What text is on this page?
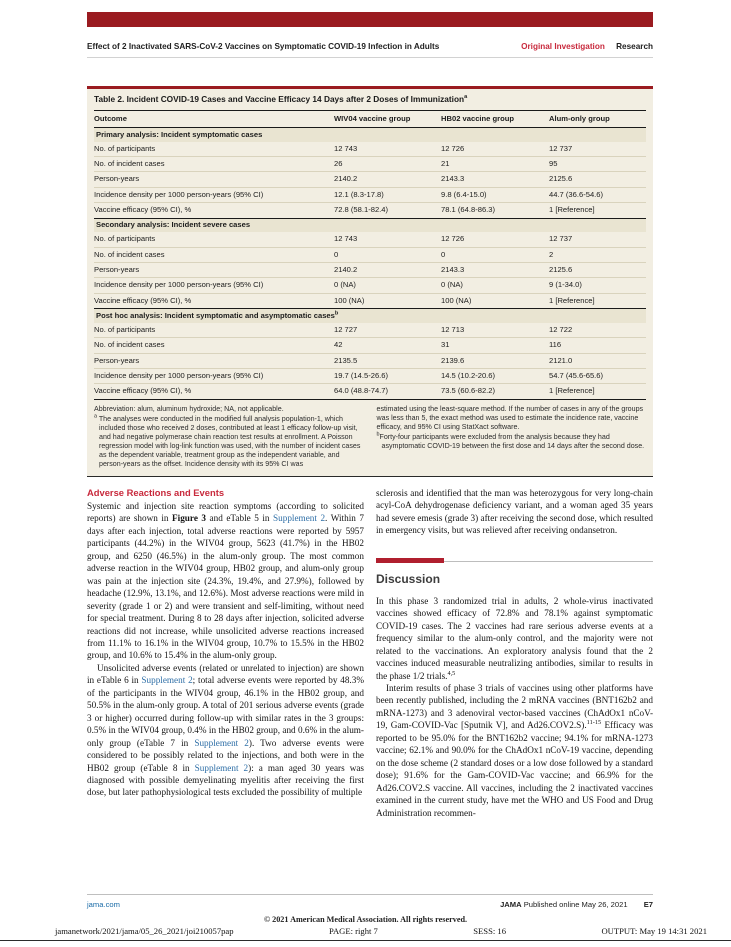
Effect of 2 Inactivated SARS-CoV-2 Vaccines on Symptomatic COVID-19 Infection in Adults	Original Investigation Research
Table 2. Incident COVID-19 Cases and Vaccine Efficacy 14 Days after 2 Doses of Immunization$^a$
Outcome	WIV04 vaccine group	HB02 vaccine group	Alum-only group
Primary analysis: Incident symptomatic cases			
No. of participants	12 743	12 726	12 737
No. of incident cases	26	21	95
Person-years	2140.2	2143.3	2125.6
Incidence density per 1000 person-years (95% CI)	12.1 (8.3-17.8)	9.8 (6.4-15.0)	44.7 (36.6-54.6)
Vaccine efficacy (95% CI), %	72.8 (58.1-82.4)	78.1 (64.8-86.3)	1 [Reference]
Secondary analysis: Incident severe cases			
No. of participants	12 743	12 726	12 737
No. of incident cases	0	0	2
Person-years	2140.2	2143.3	2125.6
Incidence density per 1000 person-years (95% CI)	0 (NA)	0 (NA)	9 (1-34.0)
Vaccine efficacy (95% CI), %	100 (NA)	100 (NA)	1 [Reference]
Post hoc analysis: Incident symptomatic and asymptomatic cases$^b$
No. of participants	12 727	12 713	12 722
No. of incident cases	42	31	116
Person-years	2135.5	2139.6	2121.0
Incidence density per 1000 person-years (95% CI)	19.7 (14.5-26.6)	14.5 (10.2-20.6)	54.7 (45.6-65.6)
Vaccine efficacy (95% CI), %	64.0 (48.8-74.7)	73.5 (60.6-82.2)	1 [Reference]

Abbreviation: alum, aluminum hydroxide; NA, not applicable.

$^a$ The analyses were conducted in the modified full analysis population-1, which included those who received 2 doses, contributed at least 1 efficacy follow-up visit, and had negative polymerase chain reaction test results at enrollment. A Poisson regression model with log-link function was used, with the number of incident cases as the dependent variable, treatment group as the independent variable, and person-years as the offset. Incidence density with its 95% CI was

estimated using the least-square method. If the number of cases in any of the groups was less than 5, the exact method was used to estimate the incidence rate, vaccine efficacy, and 95% CI using StatXact software.

$^b$Forty-four participants were excluded from the analysis because they had asymptomatic COVID-19 between the first dose and 14 days after the second dose.

Adverse Reactions and Events

Systemic and injection site reaction symptoms (according to solicited reports) are shown in Figure 3 and eTable 5 in Supplement 2. Within 7 days after each injection, total adverse reactions were reported by 5957 participants (44.2%) in the WIV04 group, 5623 (41.7%) in the HB02 group, and 6250 (46.5%) in the alum-only group. The most common adverse reaction in the WIV04 group, HB02 group, and alum-only group was pain at the injection site (24.3%, 19.4%, and 27.9%), followed by headache (12.9%, 13.1%, and 12.6%). Most adverse reactions were mild in severity (grade 1 or 2) and were transient and self-limiting, without need for special treatment. During 8 to 28 days after injection, solicited adverse reactions did not increase, while unsolicited adverse reactions increased from 11.1% to 16.1% in the WIV04 group, 10.7% to 15.5% in the HB02 group, and 10.6% to 15.4% in the alum-only group.

Unsolicited adverse events (related or unrelated to injection) are shown in eTable 6 in Supplement 2; total adverse events were reported by 48.3% of the participants in the WIV04 group, 46.1% in the HB02 group, and 50.5% in the alum-only group. A total of 201 serious adverse events (grade 3 or higher) occurred during follow-up with similar rates in the 3 groups: 0.5% in the WIV04 group, 0.4% in the HB02 group, and 0.6% in the alum-only group (eTable 7 in Supplement 2). Two adverse events were considered to be possibly related to the injections, and both were in the HB02 group (eTable 8 in Supplement 2): a man aged 30 years was diagnosed with possible demyelinating myelitis after receiving the first dose, but later pathophysiological tests excluded the possibility of multiple

sclerosis and identified that the man was heterozygous for very long-chain acyl-CoA dehydrogenase deficiency variant, and a woman aged 35 years had severe emesis (grade 3) after receiving the second dose, which resulted in emergency visits, but was relieved after receiving ondansetron.

Discussion

In this phase 3 randomized trial in adults, 2 whole-virus inactivated vaccines showed efficacy of 72.8% and 78.1% against symptomatic COVID-19 cases. The 2 vaccines had rare serious adverse events at a frequency similar to the alum-only control, and the majority were not related to the vaccinations. An exploratory analysis found that the 2 vaccines induced measurable neutralizing antibodies, similar to results in the phase 1/2 trials.$^{4,5}$

Interim results of phase 3 trials of vaccines using other platforms have been recently published, including the 2 mRNA vaccines (BNT162b2 and mRNA-1273) and 3 adenoviral vector-based vaccines (ChAdOx1 nCoV-19, Gam-COVID-Vac [Sputnik V], and Ad26.COV2.S).$^{11-15}$ Efficacy was reported to be 95.0% for the BNT162b2 vaccine; 94.1% for mRNA-1273 vaccine; 62.1% and 90.0% for the ChAdOx1 nCoV-19 vaccine, depending on the dose scheme (2 standard doses or a low dose followed by a standard dose); 91.6% for the Gam-COVID-Vac vaccine; and 66.9% for the Ad26.COV2.S vaccine. All vaccines, including the 2 inactivated vaccines examined in the current study, have met the WHO and US Food and Drug Administration recommen-

jama.com	JAMA Published online May 26, 2021 E7
© 2021 American Medical Association. All rights reserved.
jamanetwork/2021/jama/05_26_2021/joi210057pap	PAGE: right 7	SESS: 16	OUTPUT: May 19 14:31 2021
